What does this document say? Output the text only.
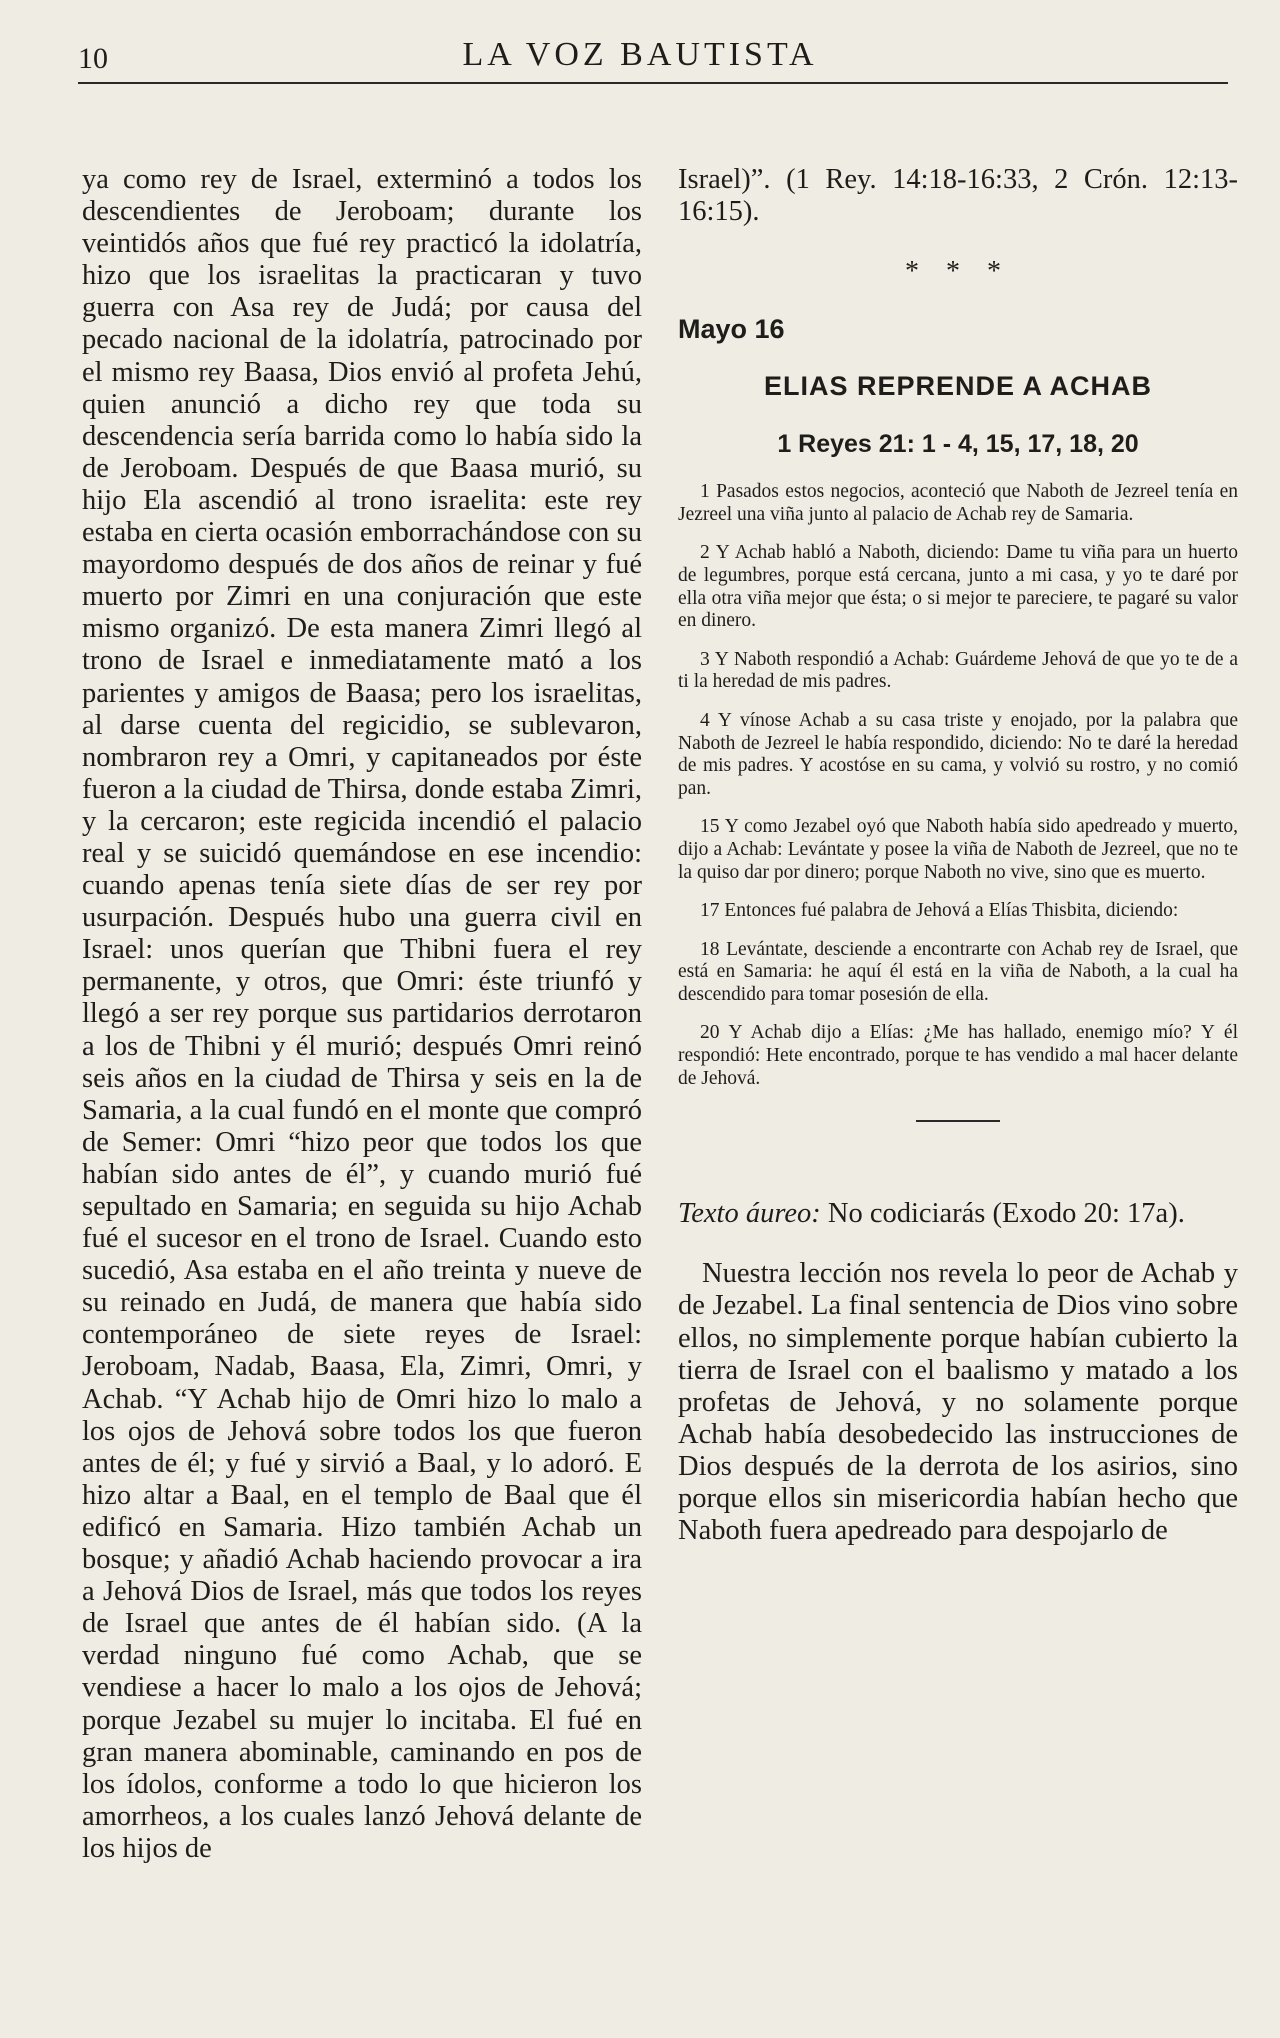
10	LA VOZ BAUTISTA

ya como rey de Israel, exterminó a todos los descendientes de Jeroboam; durante los veintidós años que fué rey practicó la idolatría, hizo que los israelitas la practicaran y tuvo guerra con Asa rey de Judá; por causa del pecado nacional de la idolatría, patrocinado por el mismo rey Baasa, Dios envió al profeta Jehú, quien anunció a dicho rey que toda su descendencia sería barrida como lo había sido la de Jeroboam. Después de que Baasa murió, su hijo Ela ascendió al trono israelita: este rey estaba en cierta ocasión emborrachándose con su mayordomo después de dos años de reinar y fué muerto por Zimri en una conjuración que este mismo organizó. De esta manera Zimri llegó al trono de Israel e inmediatamente mató a los parientes y amigos de Baasa; pero los israelitas, al darse cuenta del regicidio, se sublevaron, nombraron rey a Omri, y capitaneados por éste fueron a la ciudad de Thirsa, donde estaba Zimri, y la cercaron; este regicida incendió el palacio real y se suicidó quemándose en ese incendio: cuando apenas tenía siete días de ser rey por usurpación. Después hubo una guerra civil en Israel: unos querían que Thibni fuera el rey permanente, y otros, que Omri: éste triunfó y llegó a ser rey porque sus partidarios derrotaron a los de Thibni y él murió; después Omri reinó seis años en la ciudad de Thirsa y seis en la de Samaria, a la cual fundó en el monte que compró de Semer: Omri “hizo peor que todos los que habían sido antes de él”, y cuando murió fué sepultado en Samaria; en seguida su hijo Achab fué el sucesor en el trono de Israel. Cuando esto sucedió, Asa estaba en el año treinta y nueve de su reinado en Judá, de manera que había sido contemporáneo de siete reyes de Israel: Jeroboam, Nadab, Baasa, Ela, Zimri, Omri, y Achab. “Y Achab hijo de Omri hizo lo malo a los ojos de Jehová sobre todos los que fueron antes de él; y fué y sirvió a Baal, y lo adoró. E hizo altar a Baal, en el templo de Baal que él edificó en Samaria. Hizo también Achab un bosque; y añadió Achab haciendo provocar a ira a Jehová Dios de Israel, más que todos los reyes de Israel que antes de él habían sido. (A la verdad ninguno fué como Achab, que se vendiese a hacer lo malo a los ojos de Jehová; porque Jezabel su mujer lo incitaba. El fué en gran manera abominable, caminando en pos de los ídolos, conforme a todo lo que hicieron los amorrheos, a los cuales lanzó Jehová delante de los hijos de

Israel)”. (1 Rey. 14:18-16:33, 2 Crón. 12:13-16:15).

* * *
Mayo 16
ELIAS REPRENDE A ACHAB
1 Reyes 21: 1 - 4, 15, 17, 18, 20

1 Pasados estos negocios, aconteció que Naboth de Jezreel tenía en Jezreel una viña junto al palacio de Achab rey de Samaria.

2 Y Achab habló a Naboth, diciendo: Dame tu viña para un huerto de legumbres, porque está cercana, junto a mi casa, y yo te daré por ella otra viña mejor que ésta; o si mejor te pareciere, te pagaré su valor en dinero.

3 Y Naboth respondió a Achab: Guárdeme Jehová de que yo te de a ti la heredad de mis padres.

4 Y vínose Achab a su casa triste y enojado, por la palabra que Naboth de Jezreel le había respondido, diciendo: No te daré la heredad de mis padres. Y acostóse en su cama, y volvió su rostro, y no comió pan.

15 Y como Jezabel oyó que Naboth había sido apedreado y muerto, dijo a Achab: Levántate y posee la viña de Naboth de Jezreel, que no te la quiso dar por dinero; porque Naboth no vive, sino que es muerto.

17 Entonces fué palabra de Jehová a Elías Thisbita, diciendo:

18 Levántate, desciende a encontrarte con Achab rey de Israel, que está en Samaria: he aquí él está en la viña de Naboth, a la cual ha descendido para tomar posesión de ella.

20 Y Achab dijo a Elías: ¿Me has hallado, enemigo mío? Y él respondió: Hete encontrado, porque te has vendido a mal hacer delante de Jehová.

Texto áureo: No codiciarás (Exodo 20: 17a).

Nuestra lección nos revela lo peor de Achab y de Jezabel. La final sentencia de Dios vino sobre ellos, no simplemente porque habían cubierto la tierra de Israel con el baalismo y matado a los profetas de Jehová, y no solamente porque Achab había desobedecido las instrucciones de Dios después de la derrota de los asirios, sino porque ellos sin misericordia habían hecho que Naboth fuera apedreado para despojarlo de
